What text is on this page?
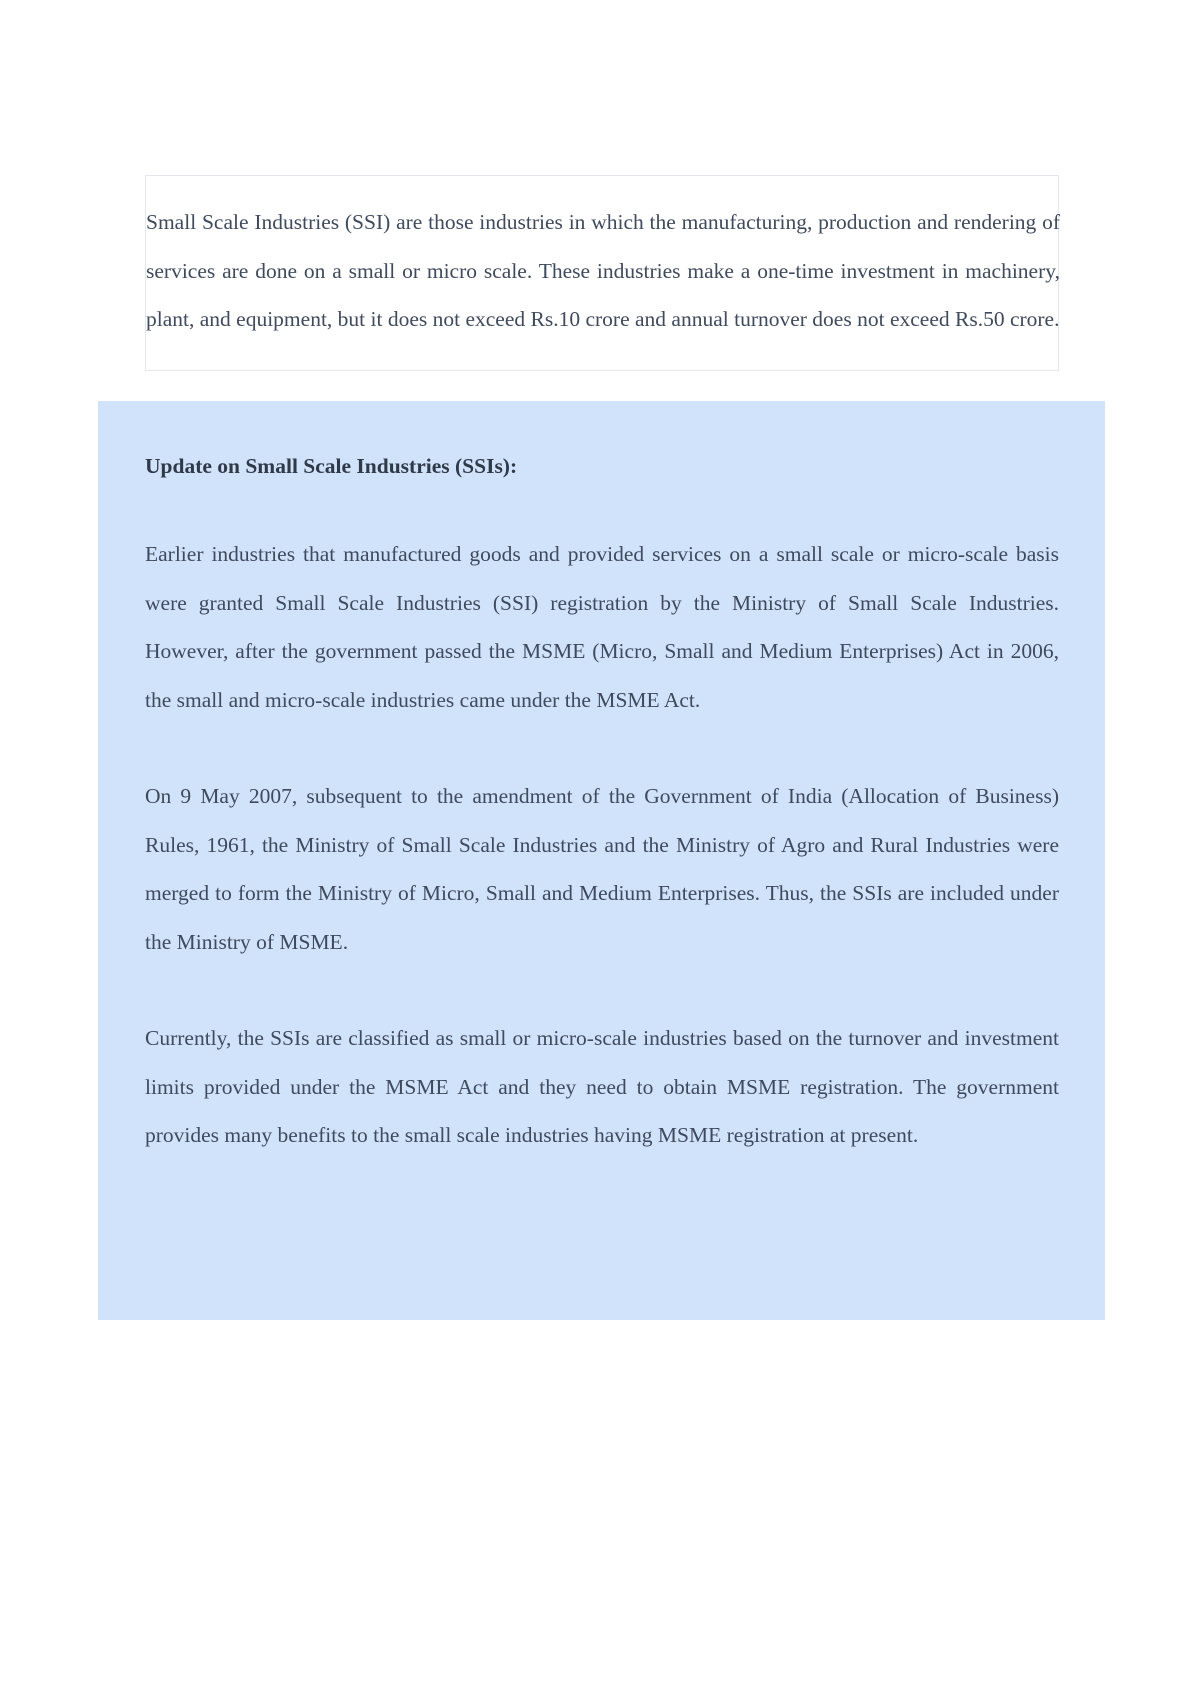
Small Scale Industries (SSI) are those industries in which the manufacturing, production and rendering of services are done on a small or micro scale. These industries make a one-time investment in machinery, plant, and equipment, but it does not exceed Rs.10 crore and annual turnover does not exceed Rs.50 crore.

Update on Small Scale Industries (SSIs):

Earlier industries that manufactured goods and provided services on a small scale or micro-scale basis were granted Small Scale Industries (SSI) registration by the Ministry of Small Scale Industries. However, after the government passed the MSME (Micro, Small and Medium Enterprises) Act in 2006, the small and micro-scale industries came under the MSME Act.

On 9 May 2007, subsequent to the amendment of the Government of India (Allocation of Business) Rules, 1961, the Ministry of Small Scale Industries and the Ministry of Agro and Rural Industries were merged to form the Ministry of Micro, Small and Medium Enterprises. Thus, the SSIs are included under the Ministry of MSME.

Currently, the SSIs are classified as small or micro-scale industries based on the turnover and investment limits provided under the MSME Act and they need to obtain MSME registration. The government provides many benefits to the small scale industries having MSME registration at present.
